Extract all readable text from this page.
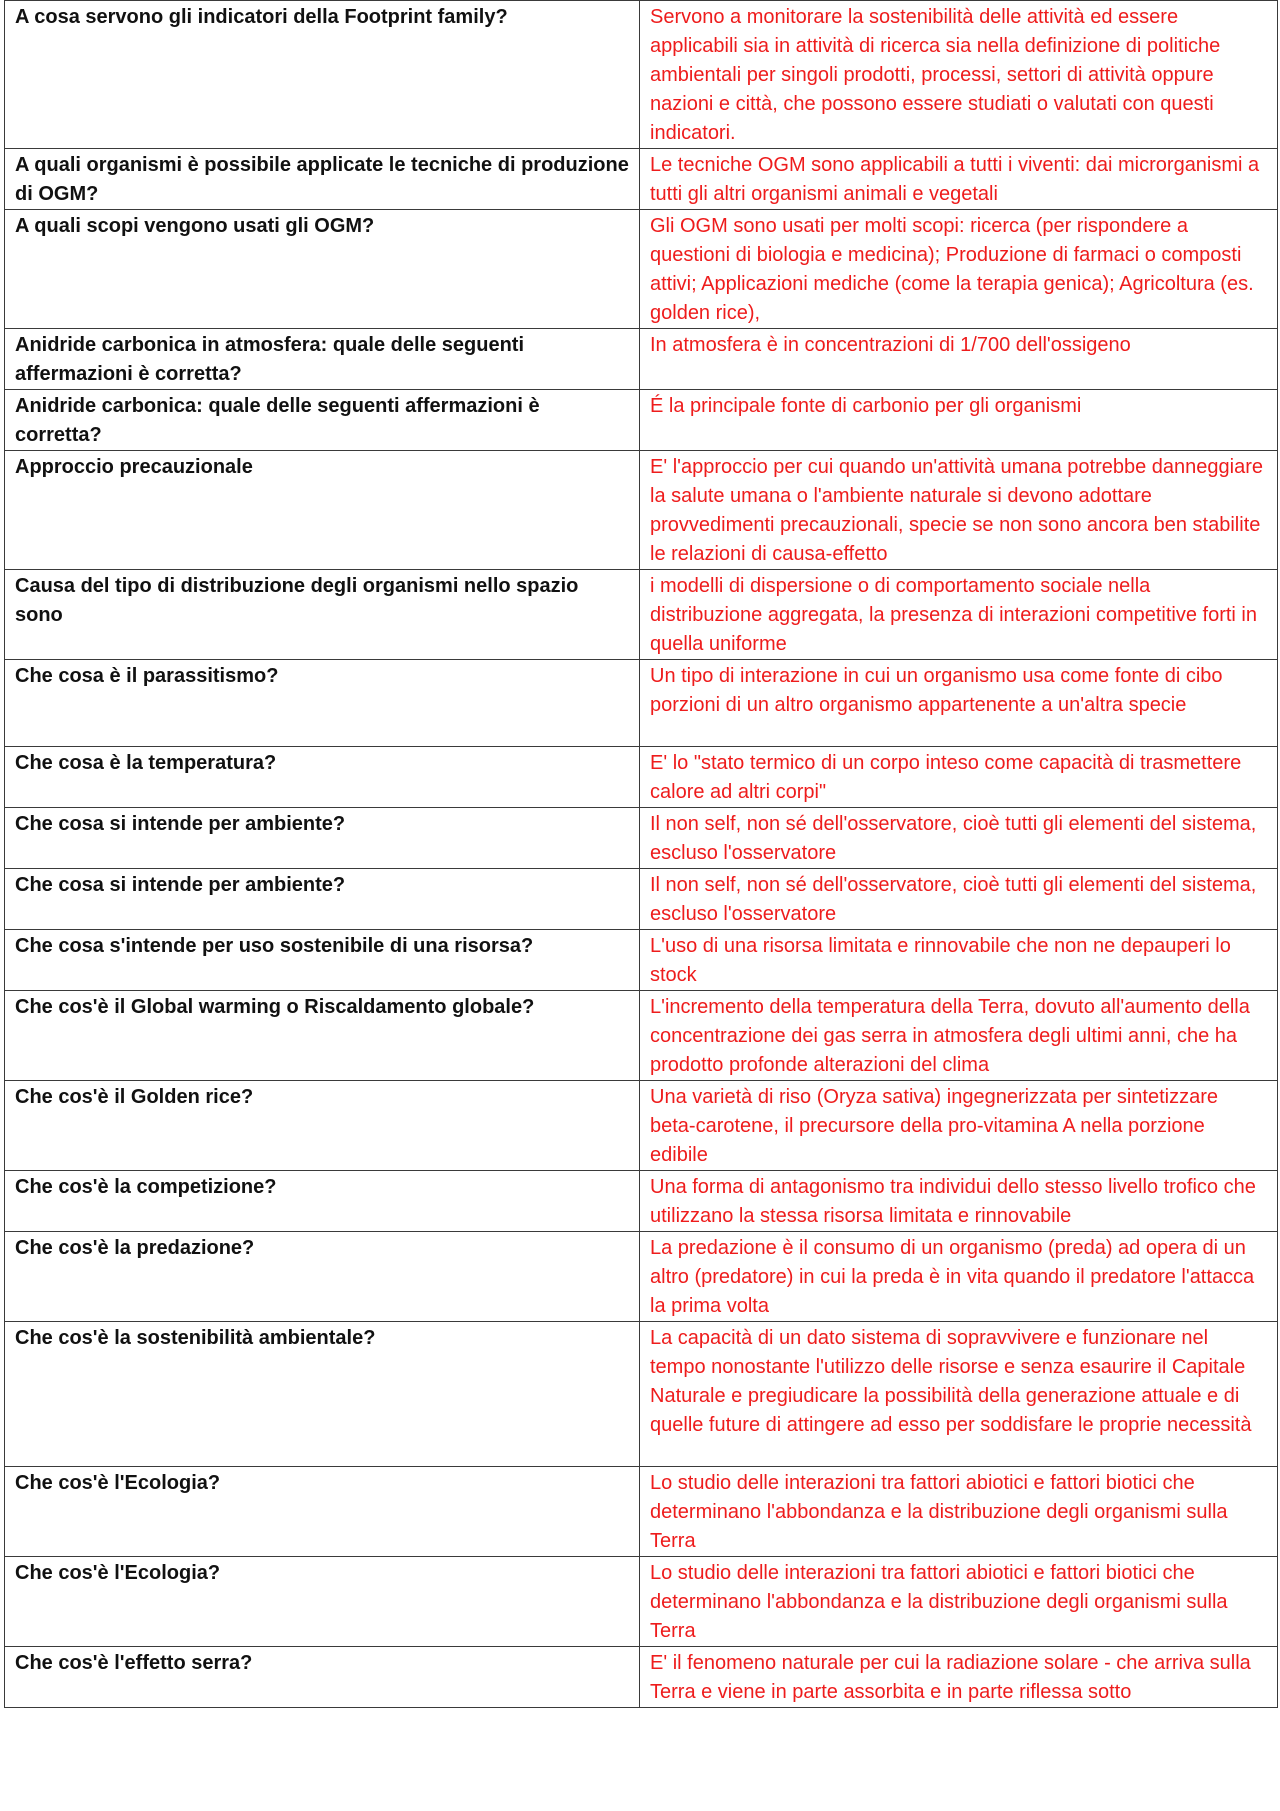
A cosa servono gli indicatori della Footprint family?	Servono a monitorare la sostenibilità delle attività ed essere applicabili sia in attività di ricerca sia nella definizione di politiche ambientali per singoli prodotti, processi, settori di attività oppure nazioni e città, che possono essere studiati o valutati con questi indicatori.
A quali organismi è possibile applicate le tecniche di produzione di OGM?	Le tecniche OGM sono applicabili a tutti i viventi: dai microrganismi a tutti gli altri organismi animali e vegetali
A quali scopi vengono usati gli OGM?	Gli OGM sono usati per molti scopi: ricerca (per rispondere a questioni di biologia e medicina); Produzione di farmaci o composti attivi; Applicazioni mediche (come la terapia genica); Agricoltura (es. golden rice),
Anidride carbonica in atmosfera: quale delle seguenti affermazioni è corretta?	In atmosfera è in concentrazioni di 1/700 dell'ossigeno
Anidride carbonica: quale delle seguenti affermazioni è corretta?	É la principale fonte di carbonio per gli organismi
Approccio precauzionale	E' l'approccio per cui quando un'attività umana potrebbe danneggiare la salute umana o l'ambiente naturale si devono adottare provvedimenti precauzionali, specie se non sono ancora ben stabilite le relazioni di causa-effetto
Causa del tipo di distribuzione degli organismi nello spazio sono	i modelli di dispersione o di comportamento sociale nella distribuzione aggregata, la presenza di interazioni competitive forti in quella uniforme
Che cosa è il parassitismo?	Un tipo di interazione in cui un organismo usa come fonte di cibo porzioni di un altro organismo appartenente a un'altra specie
Che cosa è la temperatura?	E' lo "stato termico di un corpo inteso come capacità di trasmettere calore ad altri corpi"
Che cosa si intende per ambiente?	Il non self, non sé dell'osservatore, cioè tutti gli elementi del sistema, escluso l'osservatore
Che cosa si intende per ambiente?	Il non self, non sé dell'osservatore, cioè tutti gli elementi del sistema, escluso l'osservatore
Che cosa s'intende per uso sostenibile di una risorsa?	L'uso di una risorsa limitata e rinnovabile che non ne depauperi lo stock
Che cos'è il Global warming o Riscaldamento globale?	L'incremento della temperatura della Terra, dovuto all'aumento della concentrazione dei gas serra in atmosfera degli ultimi anni, che ha prodotto profonde alterazioni del clima
Che cos'è il Golden rice?	Una varietà di riso (Oryza sativa) ingegnerizzata per sintetizzare beta-carotene, il precursore della pro-vitamina A nella porzione edibile
Che cos'è la competizione?	Una forma di antagonismo tra individui dello stesso livello trofico che utilizzano la stessa risorsa limitata e rinnovabile
Che cos'è la predazione?	La predazione è il consumo di un organismo (preda) ad opera di un altro (predatore) in cui la preda è in vita quando il predatore l'attacca la prima volta
Che cos'è la sostenibilità ambientale?	La capacità di un dato sistema di sopravvivere e funzionare nel tempo nonostante l'utilizzo delle risorse e senza esaurire il Capitale Naturale e pregiudicare la possibilità della generazione attuale e di quelle future di attingere ad esso per soddisfare le proprie necessità
Che cos'è l'Ecologia?	Lo studio delle interazioni tra fattori abiotici e fattori biotici che determinano l'abbondanza e la distribuzione degli organismi sulla Terra
Che cos'è l'Ecologia?	Lo studio delle interazioni tra fattori abiotici e fattori biotici che determinano l'abbondanza e la distribuzione degli organismi sulla Terra
Che cos'è l'effetto serra?	E' il fenomeno naturale per cui la radiazione solare - che arriva sulla Terra e viene in parte assorbita e in parte riflessa sotto
